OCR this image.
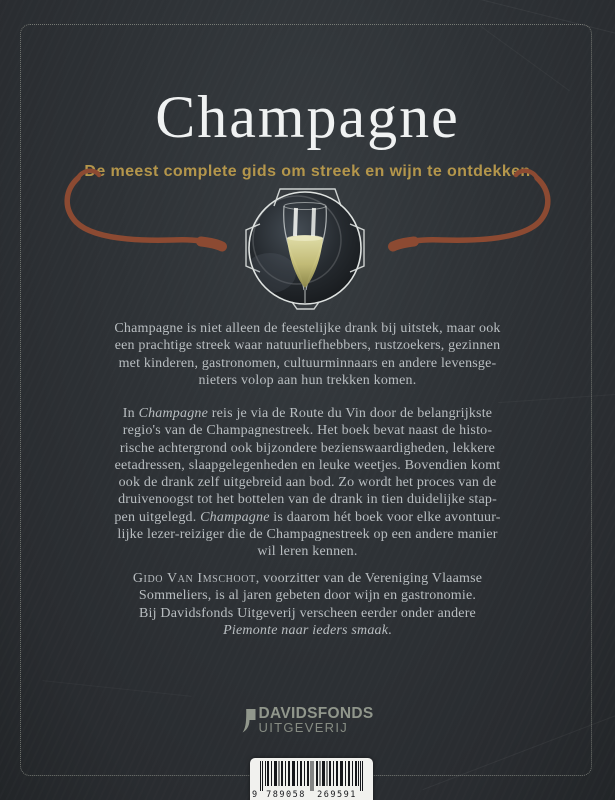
Champagne
De meest complete gids om streek en wijn te ontdekken
Champagne is niet alleen de feestelijke drank bij uitstek, maar ook
een prachtige streek waar natuurliefhebbers, rustzoekers, gezinnen
met kinderen, gastronomen, cultuurminnaars en andere levensge-
nieters volop aan hun trekken komen.
In Champagne reis je via de Route du Vin door de belangrijkste
regio's van de Champagnestreek. Het boek bevat naast de histo-
rische achtergrond ook bijzondere bezienswaardigheden, lekkere
eetadressen, slaapgelegenheden en leuke weetjes. Bovendien komt
ook de drank zelf uitgebreid aan bod. Zo wordt het proces van de
druivenoogst tot het bottelen van de drank in tien duidelijke stap-
pen uitgelegd. Champagne is daarom hét boek voor elke avontuur-
lijke lezer-reiziger die de Champagnestreek op een andere manier
wil leren kennen.
Gido Van Imschoot, voorzitter van de Vereniging Vlaamse
Sommeliers, is al jaren gebeten door wijn en gastronomie.
Bij Davidsfonds Uitgeverij verscheen eerder onder andere
Piemonte naar ieders smaak.
DAVIDSFONDS
UITGEVERIJ
9 789058 269591
